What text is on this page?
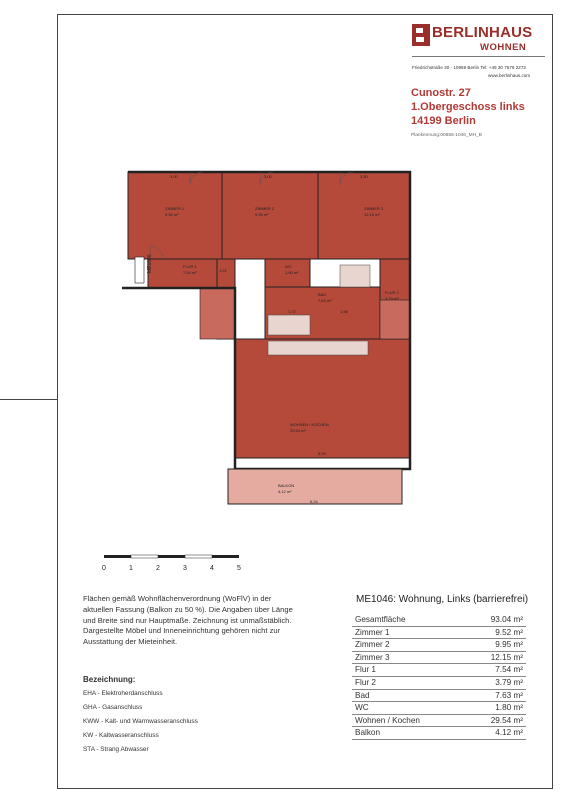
BERLINHAUS
WOHNEN
Friedrichstraße 30 · 10969 Berlin Tel: +49 30 7676 2272
www.berlinhaus.com
Cunostr. 27
1.Obergeschoss links
14199 Berlin
Plankennung:00655-1046_MH_B
ME1046
ZIMMER 1
9,52 m²
ZIMMER 2
9,95 m²
ZIMMER 3
12,15 m²
FLUR 1
7,54 m²
WC
1,80 m²
BAD
7,63 m²
FLUR 2
3,79 m²
WOHNEN / KOCHEN
29,54 m²
BALKON
4,12 m²
3,00	3,00	3,80
1,21
1,72	1,96
5,93
6,24
0	1	2	3	4	5
Flächen gemäß Wohnflächenverordnung (WoFlV) in der aktuellen Fassung (Balkon zu 50 %). Die Angaben über Länge und Breite sind nur Hauptmaße. Zeichnung ist unmaßstäblich. Dargestellte Möbel und Inneneinrichtung gehören nicht zur Ausstattung der Mieteinheit.
Bezeichnung:
EHA - Elektroherdanschluss
GHA - Gasanschluss
KWW - Kalt- und Warmwasseranschluss
KW - Kaltwasseranschluss
STA - Strang Abwasser
ME1046: Wohnung, Links (barrierefrei)
Gesamtfläche	93.04 m²
Zimmer 1	9.52 m²
Zimmer 2	9.95 m²
Zimmer 3	12.15 m²
Flur 1	7.54 m²
Flur 2	3.79 m²
Bad	7.63 m²
WC	1.80 m²
Wohnen / Kochen	29.54 m²
Balkon	4.12 m²
